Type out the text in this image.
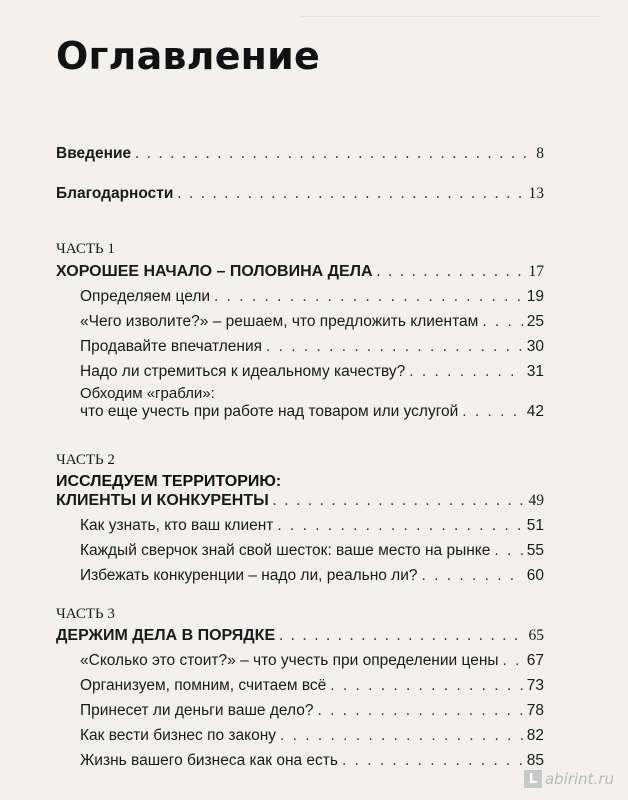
Оглавление
Введение . . .	8
Благодарности . . .	13
ЧАСТЬ 1
ХОРОШЕЕ НАЧАЛО – ПОЛОВИНА ДЕЛА . . .	17
Определяем цели . . .	19
«Чего изволите?» – решаем, что предложить клиентам . . .	25
Продавайте впечатления . . .	30
Надо ли стремиться к идеальному качеству? . . .	31
Обходим «грабли»:
что еще учесть при работе над товаром или услугой . . .	42
ЧАСТЬ 2
ИССЛЕДУЕМ ТЕРРИТОРИЮ:
КЛИЕНТЫ И КОНКУРЕНТЫ . . .	49
Как узнать, кто ваш клиент . . .	51
Каждый сверчок знай свой шесток: ваше место на рынке . . . 55
Избежать конкуренции – надо ли, реально ли? . . .	60
ЧАСТЬ 3
ДЕРЖИМ ДЕЛА В ПОРЯДКЕ . . .	65
«Сколько это стоит?» – что учесть при определении цены . . . 67
Организуем, помним, считаем всё . . .	73
Принесет ли деньги ваше дело? . . .	78
Как вести бизнес по закону . . .	82
Жизнь вашего бизнеса как она есть . . .	85
L abirint.ru
